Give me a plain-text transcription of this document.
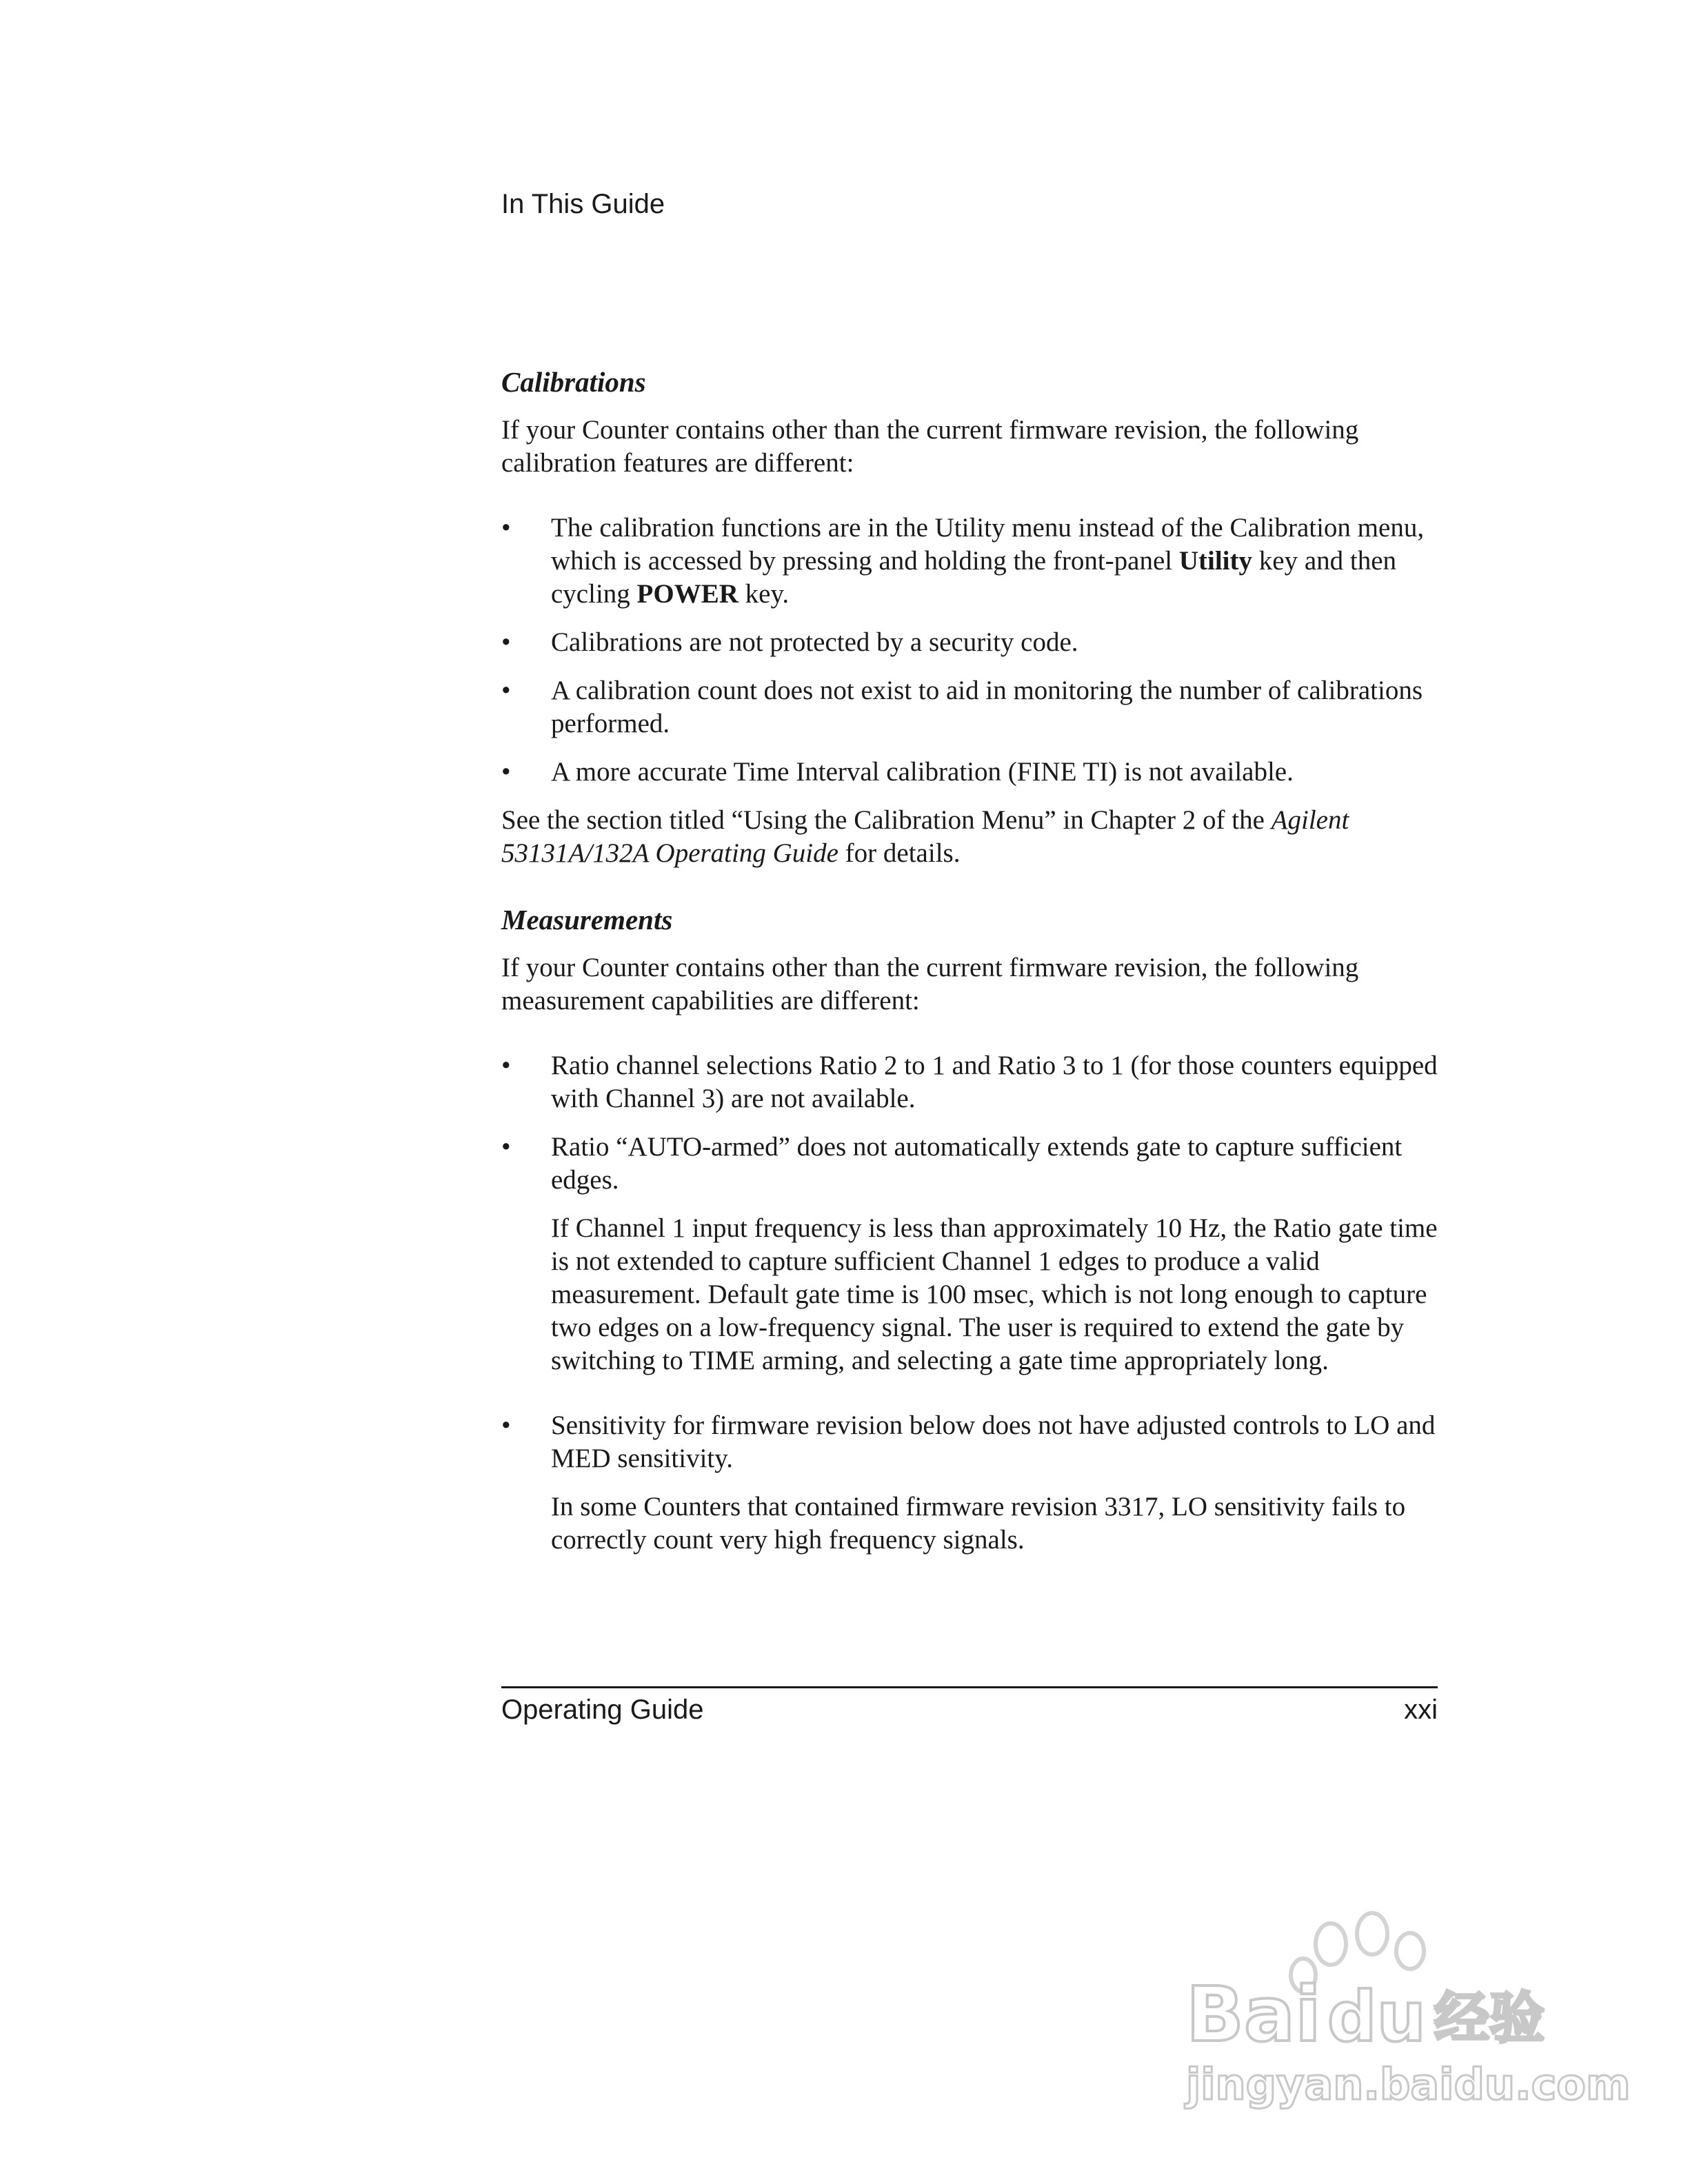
In This Guide

Calibrations

If your Counter contains other than the current firmware revision, the following calibration features are different:

• The calibration functions are in the Utility menu instead of the Calibration menu, which is accessed by pressing and holding the front-panel Utility key and then cycling POWER key.
• Calibrations are not protected by a security code.
• A calibration count does not exist to aid in monitoring the number of calibrations performed.
• A more accurate Time Interval calibration (FINE TI) is not available.

See the section titled “Using the Calibration Menu” in Chapter 2 of the Agilent 53131A/132A Operating Guide for details.

Measurements

If your Counter contains other than the current firmware revision, the following measurement capabilities are different:

• Ratio channel selections Ratio 2 to 1 and Ratio 3 to 1 (for those counters equipped with Channel 3) are not available.
• Ratio “AUTO-armed” does not automatically extends gate to capture sufficient edges.

If Channel 1 input frequency is less than approximately 10 Hz, the Ratio gate time is not extended to capture sufficient Channel 1 edges to produce a valid measurement. Default gate time is 100 msec, which is not long enough to capture two edges on a low-frequency signal. The user is required to extend the gate by switching to TIME arming, and selecting a gate time appropriately long.

• Sensitivity for firmware revision below does not have adjusted controls to LO and MED sensitivity.

In some Counters that contained firmware revision 3317, LO sensitivity fails to correctly count very high frequency signals.

Operating Guide	xxi
Bai du 经验
jingyan.baidu.com
